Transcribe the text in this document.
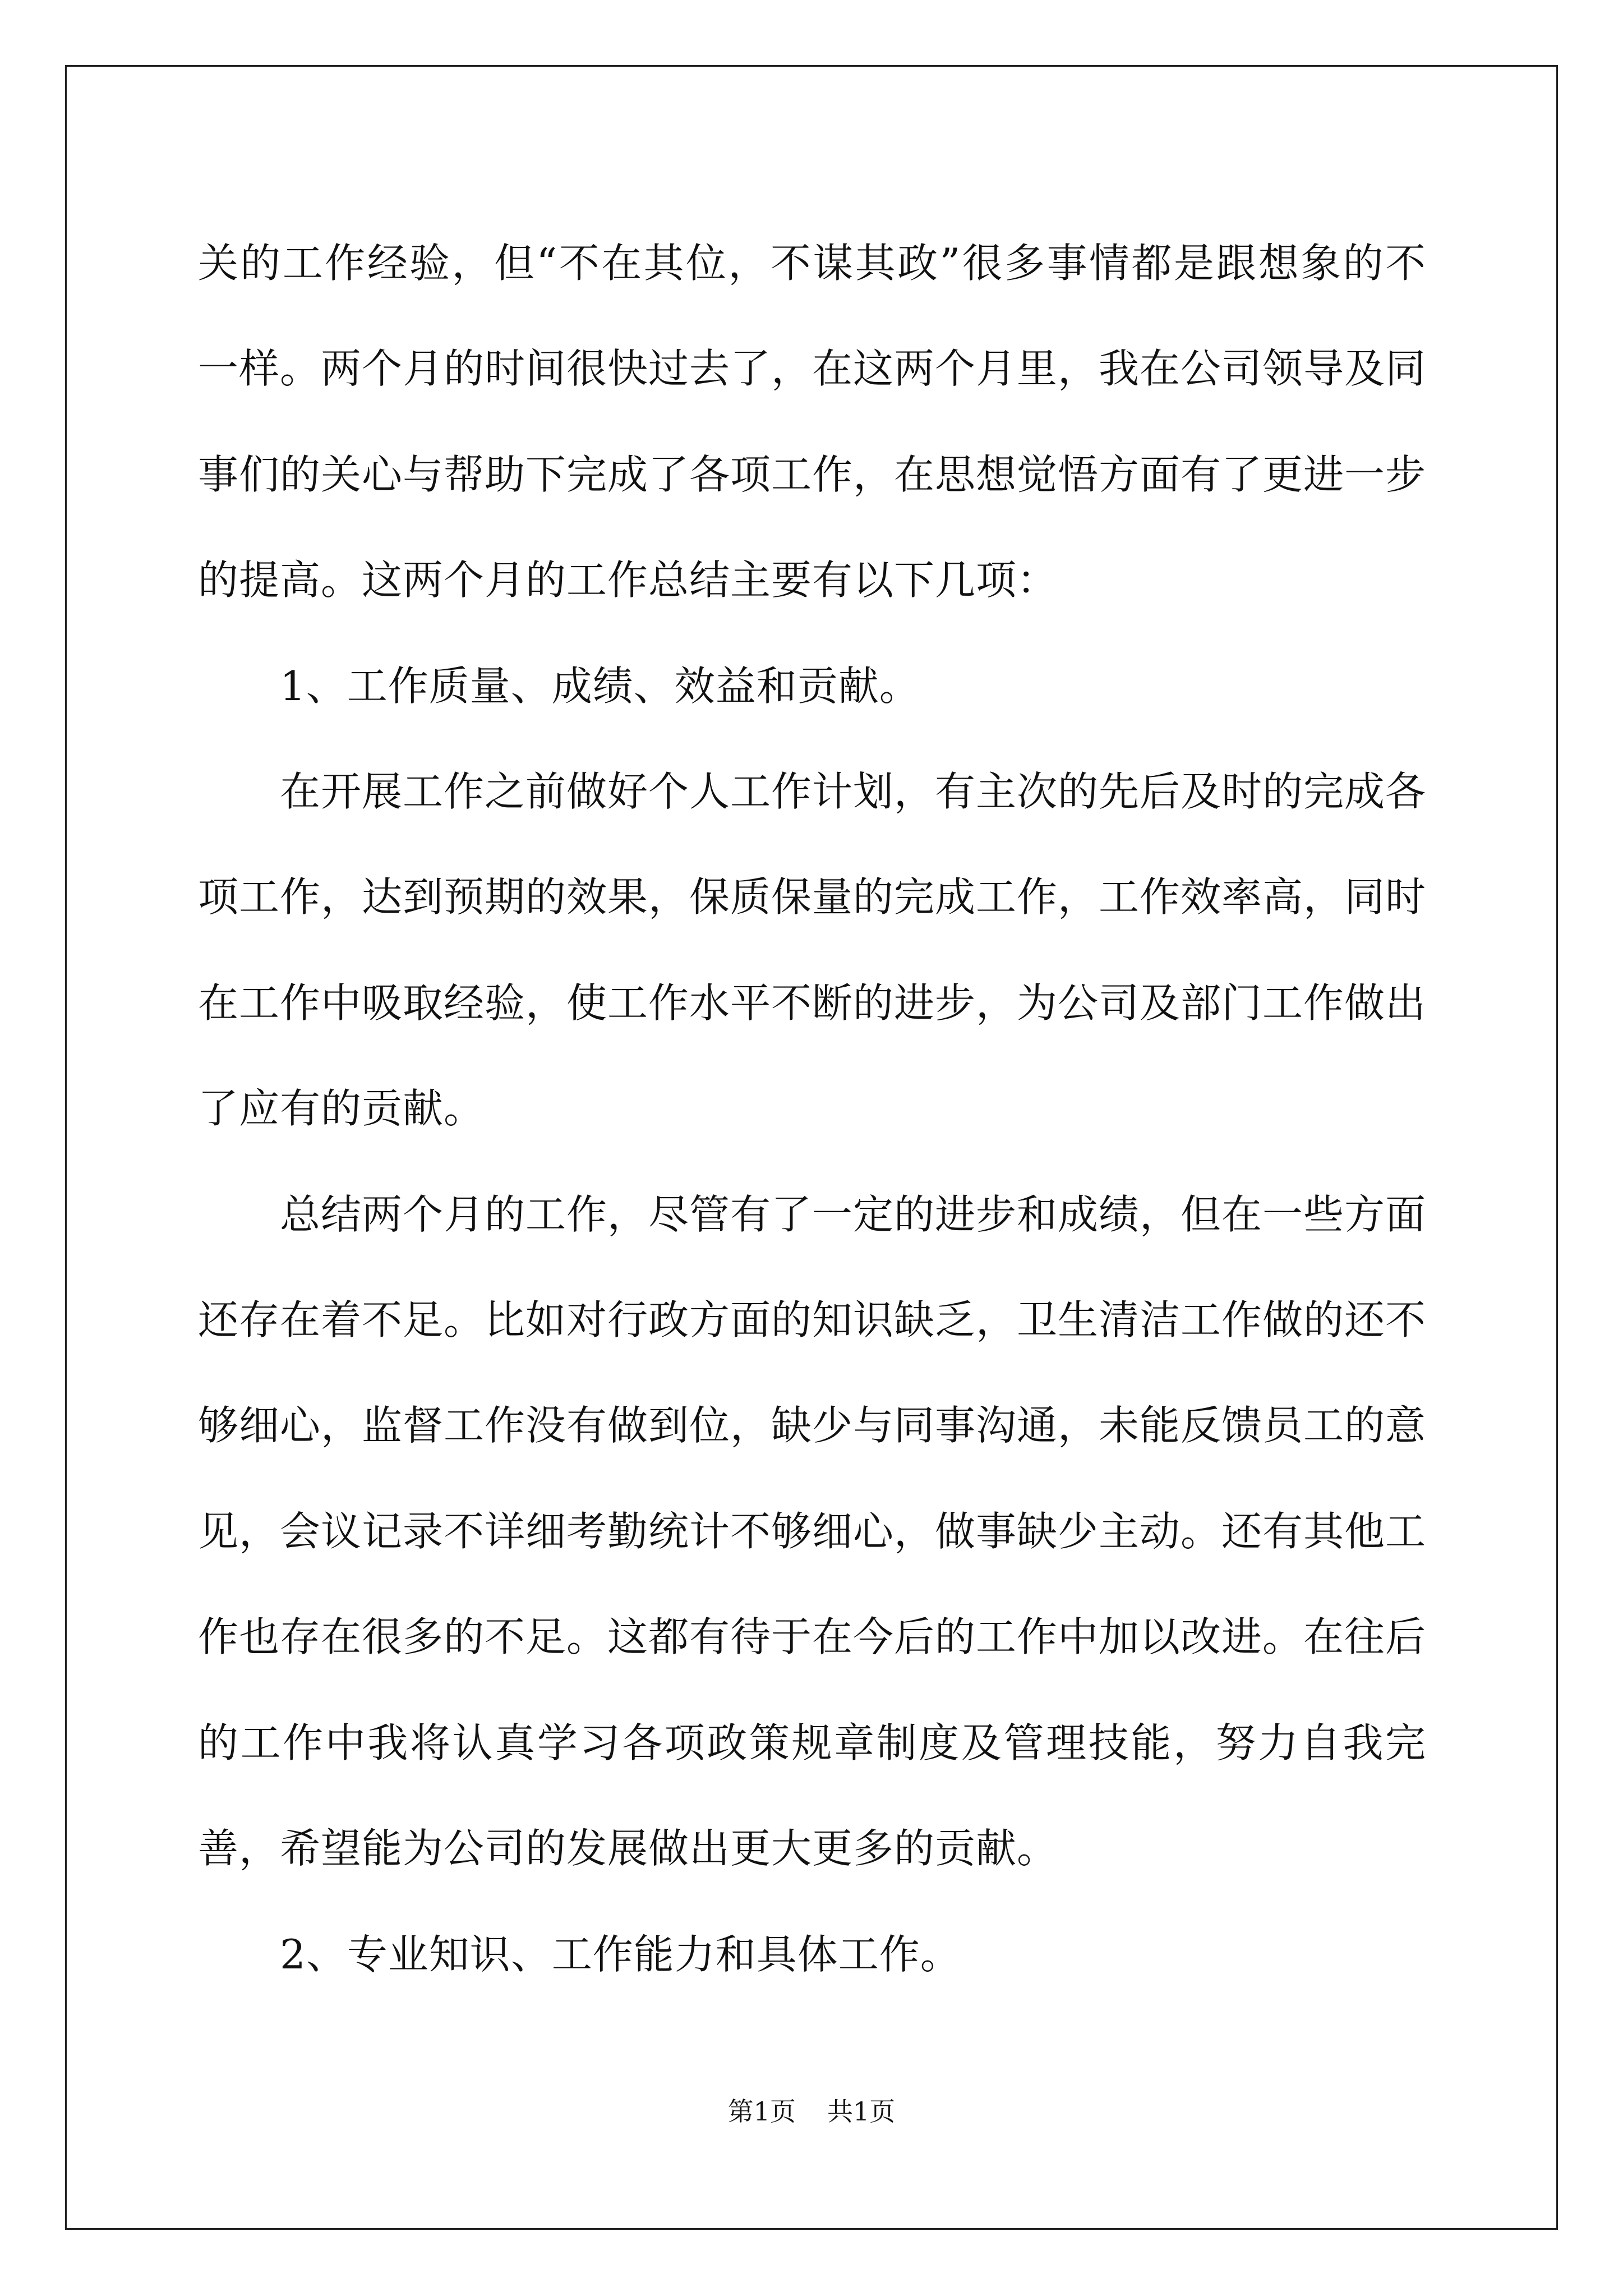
关的工作经验，但“不在其位，不谋其政”很多事情都是跟想象的不一样。两个月的时间很快过去了，在这两个月里，我在公司领导及同事们的关心与帮助下完成了各项工作，在思想觉悟方面有了更进一步的提高。这两个月的工作总结主要有以下几项：

1、工作质量、成绩、效益和贡献。

在开展工作之前做好个人工作计划，有主次的先后及时的完成各项工作，达到预期的效果，保质保量的完成工作，工作效率高，同时在工作中吸取经验，使工作水平不断的进步，为公司及部门工作做出了应有的贡献。

总结两个月的工作，尽管有了一定的进步和成绩，但在一些方面还存在着不足。比如对行政方面的知识缺乏，卫生清洁工作做的还不够细心，监督工作没有做到位，缺少与同事沟通，未能反馈员工的意见，会议记录不详细考勤统计不够细心，做事缺少主动。还有其他工作也存在很多的不足。这都有待于在今后的工作中加以改进。在往后的工作中我将认真学习各项政策规章制度及管理技能，努力自我完善，希望能为公司的发展做出更大更多的贡献。

2、专业知识、工作能力和具体工作。

第1页 共1页
